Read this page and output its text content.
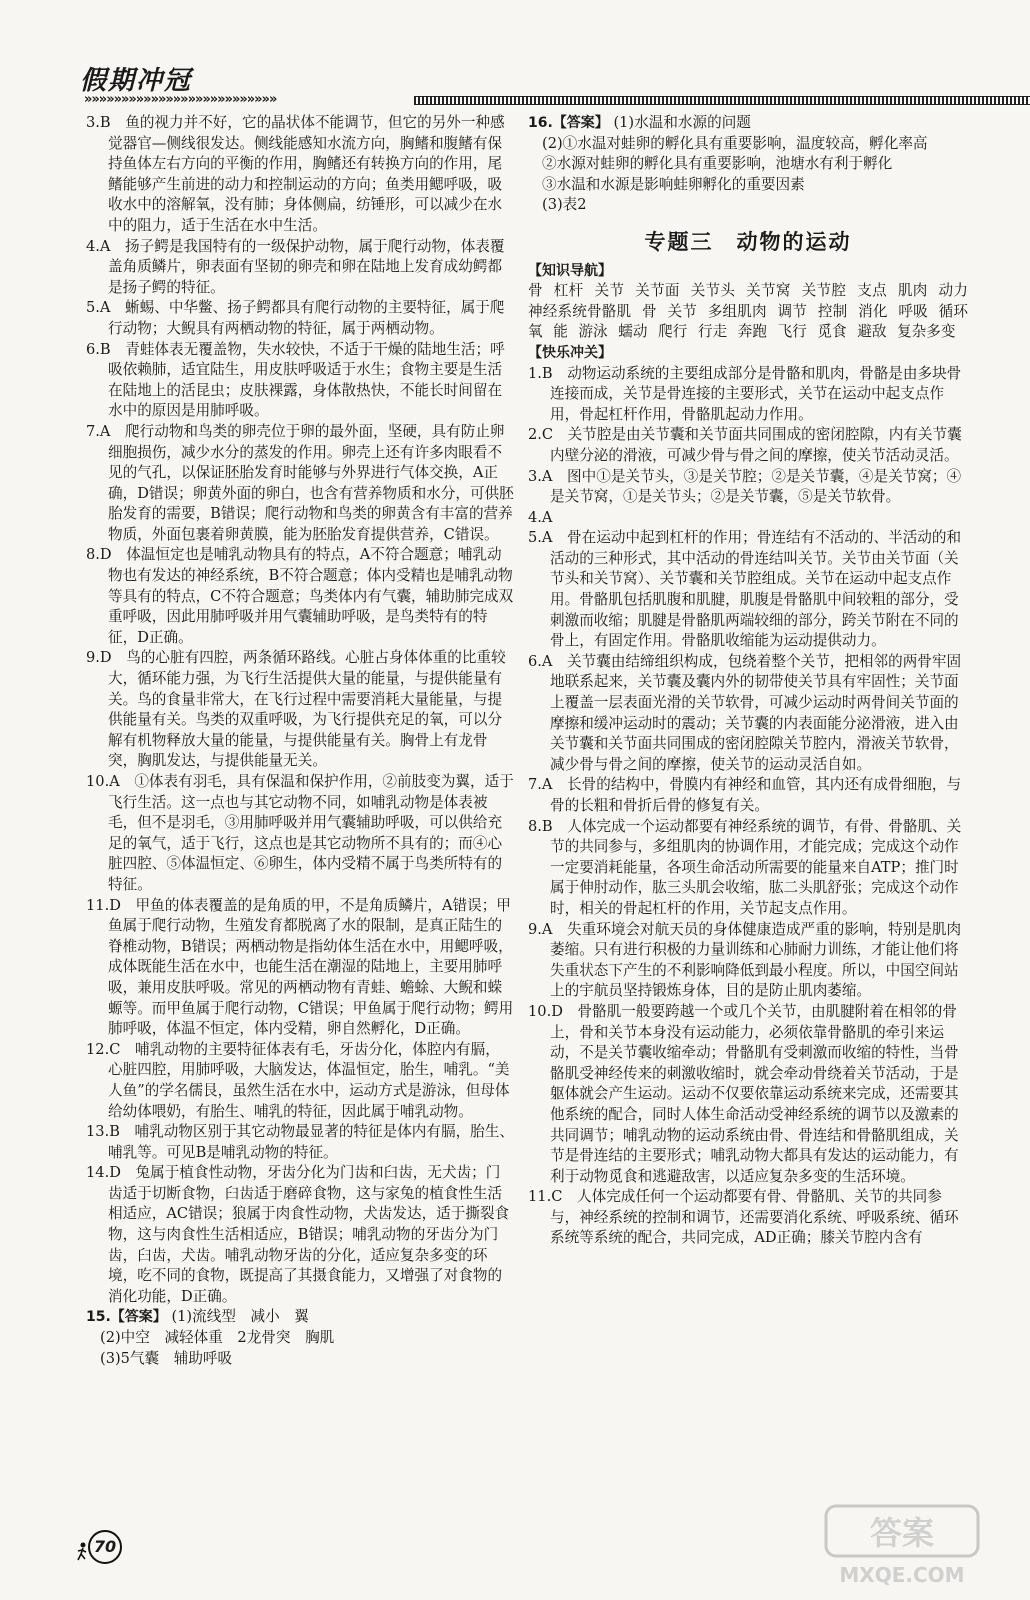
假期冲冠
»»»»»»»»»»»»»»»»»»»»»»»»»»
3.B　鱼的视力并不好，它的晶状体不能调节，但它的另外一种感觉器官—侧线很发达。侧线能感知水流方向，胸鳍和腹鳍有保持鱼体左右方向的平衡的作用，胸鳍还有转换方向的作用，尾鳍能够产生前进的动力和控制运动的方向；鱼类用鳃呼吸，吸收水中的溶解氧，没有肺；身体侧扁，纺锤形，可以减少在水中的阻力，适于生活在水中生活。
4.A　扬子鳄是我国特有的一级保护动物，属于爬行动物，体表覆盖角质鳞片，卵表面有坚韧的卵壳和卵在陆地上发育成幼鳄都是扬子鳄的特征。
5.A　蜥蜴、中华鳖、扬子鳄都具有爬行动物的主要特征，属于爬行动物；大鲵具有两栖动物的特征，属于两栖动物。
6.B　青蛙体表无覆盖物，失水较快，不适于干燥的陆地生活；呼吸依赖肺，适宜陆生，用皮肤呼吸适于水生；食物主要是生活在陆地上的活昆虫；皮肤裸露，身体散热快，不能长时间留在水中的原因是用肺呼吸。
7.A　爬行动物和鸟类的卵壳位于卵的最外面，坚硬，具有防止卵细胞损伤，减少水分的蒸发的作用。卵壳上还有许多肉眼看不见的气孔，以保证胚胎发育时能够与外界进行气体交换，A正确，D错误；卵黄外面的卵白，也含有营养物质和水分，可供胚胎发育的需要，B错误；爬行动物和鸟类的卵黄含有丰富的营养物质，外面包裹着卵黄膜，能为胚胎发育提供营养，C错误。
8.D　体温恒定也是哺乳动物具有的特点，A不符合题意；哺乳动物也有发达的神经系统，B不符合题意；体内受精也是哺乳动物等具有的特点，C不符合题意；鸟类体内有气囊，辅助肺完成双重呼吸，因此用肺呼吸并用气囊辅助呼吸，是鸟类特有的特征，D正确。
9.D　鸟的心脏有四腔，两条循环路线。心脏占身体体重的比重较大，循环能力强，为飞行生活提供大量的能量，与提供能量有关。鸟的食量非常大，在飞行过程中需要消耗大量能量，与提供能量有关。鸟类的双重呼吸，为飞行提供充足的氧，可以分解有机物释放大量的能量，与提供能量有关。胸骨上有龙骨突，胸肌发达，与提供能量无关。
10.A　①体表有羽毛，具有保温和保护作用，②前肢变为翼，适于飞行生活。这一点也与其它动物不同，如哺乳动物是体表被毛，但不是羽毛，③用肺呼吸并用气囊辅助呼吸，可以供给充足的氧气，适于飞行，这点也是其它动物所不具有的；而④心脏四腔、⑤体温恒定、⑥卵生，体内受精不属于鸟类所特有的特征。
11.D　甲鱼的体表覆盖的是角质的甲，不是角质鳞片，A错误；甲鱼属于爬行动物，生殖发育都脱离了水的限制，是真正陆生的脊椎动物，B错误；两栖动物是指幼体生活在水中，用鳃呼吸，成体既能生活在水中，也能生活在潮湿的陆地上，主要用肺呼吸，兼用皮肤呼吸。常见的两栖动物有青蛙、蟾蜍、大鲵和蝾螈等。而甲鱼属于爬行动物，C错误；甲鱼属于爬行动物；鳄用肺呼吸，体温不恒定，体内受精，卵自然孵化，D正确。
12.C　哺乳动物的主要特征体表有毛，牙齿分化，体腔内有膈，心脏四腔，用肺呼吸，大脑发达，体温恒定，胎生，哺乳。“美人鱼”的学名儒艮，虽然生活在水中，运动方式是游泳，但母体给幼体喂奶，有胎生、哺乳的特征，因此属于哺乳动物。
13.B　哺乳动物区别于其它动物最显著的特征是体内有膈，胎生、哺乳等。可见B是哺乳动物的特征。
14.D　兔属于植食性动物，牙齿分化为门齿和臼齿，无犬齿；门齿适于切断食物，臼齿适于磨碎食物，这与家兔的植食性生活相适应，AC错误；狼属于肉食性动物，犬齿发达，适于撕裂食物，这与肉食性生活相适应，B错误；哺乳动物的牙齿分为门齿，臼齿，犬齿。哺乳动物牙齿的分化，适应复杂多变的环境，吃不同的食物，既提高了其摄食能力，又增强了对食物的消化功能，D正确。
15.【答案】 (1)流线型　减小　翼
(2)中空　减轻体重　2龙骨突　胸肌
(3)5气囊　辅助呼吸
16.【答案】 (1)水温和水源的问题
(2)①水温对蛙卵的孵化具有重要影响，温度较高，孵化率高
②水源对蛙卵的孵化具有重要影响，池塘水有利于孵化
③水温和水源是影响蛙卵孵化的重要因素
(3)表2
专题三　动物的运动
【知识导航】
骨 杠杆 关节 关节面 关节头 关节窝 关节腔 支点 肌肉 动力 神经系统骨骼肌 骨 关节 多组肌肉 调节 控制 消化 呼吸 循环 氧 能 游泳 蠕动 爬行 行走 奔跑 飞行 觅食 避敌 复杂多变
【快乐冲关】
1.B　动物运动系统的主要组成部分是骨骼和肌肉，骨骼是由多块骨连接而成，关节是骨连接的主要形式，关节在运动中起支点作用，骨起杠杆作用，骨骼肌起动力作用。
2.C　关节腔是由关节囊和关节面共同围成的密闭腔隙，内有关节囊内壁分泌的滑液，可减少骨与骨之间的摩擦，使关节活动灵活。
3.A　图中①是关节头，③是关节腔；②是关节囊，④是关节窝；④是关节窝，①是关节头；②是关节囊，⑤是关节软骨。
4.A
5.A　骨在运动中起到杠杆的作用；骨连结有不活动的、半活动的和活动的三种形式，其中活动的骨连结叫关节。关节由关节面（关节头和关节窝）、关节囊和关节腔组成。关节在运动中起支点作用。骨骼肌包括肌腹和肌腱，肌腹是骨骼肌中间较粗的部分，受刺激而收缩；肌腱是骨骼肌两端较细的部分，跨关节附在不同的骨上，有固定作用。骨骼肌收缩能为运动提供动力。
6.A　关节囊由结缔组织构成，包绕着整个关节，把相邻的两骨牢固地联系起来，关节囊及囊内外的韧带使关节具有牢固性；关节面上覆盖一层表面光滑的关节软骨，可减少运动时两骨间关节面的摩擦和缓冲运动时的震动；关节囊的内表面能分泌滑液，进入由关节囊和关节面共同围成的密闭腔隙关节腔内，滑液关节软骨，减少骨与骨之间的摩擦，使关节的运动灵活自如。
7.A　长骨的结构中，骨膜内有神经和血管，其内还有成骨细胞，与骨的长粗和骨折后骨的修复有关。
8.B　人体完成一个运动都要有神经系统的调节，有骨、骨骼肌、关节的共同参与，多组肌肉的协调作用，才能完成；完成这个动作一定要消耗能量，各项生命活动所需要的能量来自ATP；推门时属于伸肘动作，肱三头肌会收缩，肱二头肌舒张；完成这个动作时，相关的骨起杠杆的作用，关节起支点作用。
9.A　失重环境会对航天员的身体健康造成严重的影响，特别是肌肉萎缩。只有进行积极的力量训练和心肺耐力训练，才能让他们将失重状态下产生的不利影响降低到最小程度。所以，中国空间站上的宇航员坚持锻炼身体，目的是防止肌肉萎缩。
10.D　骨骼肌一般要跨越一个或几个关节，由肌腱附着在相邻的骨上，骨和关节本身没有运动能力，必须依靠骨骼肌的牵引来运动，不是关节囊收缩牵动；骨骼肌有受刺激而收缩的特性，当骨骼肌受神经传来的刺激收缩时，就会牵动骨绕着关节活动，于是躯体就会产生运动。运动不仅要依靠运动系统来完成，还需要其他系统的配合，同时人体生命活动受神经系统的调节以及激素的共同调节；哺乳动物的运动系统由骨、骨连结和骨骼肌组成，关节是骨连结的主要形式；哺乳动物大都具有发达的运动能力，有利于动物觅食和逃避敌害，以适应复杂多变的生活环境。
11.C　人体完成任何一个运动都要有骨、骨骼肌、关节的共同参与，神经系统的控制和调节，还需要消化系统、呼吸系统、循环系统等系统的配合，共同完成，AD正确；膝关节腔内含有
70	答案
MXQE.COM
